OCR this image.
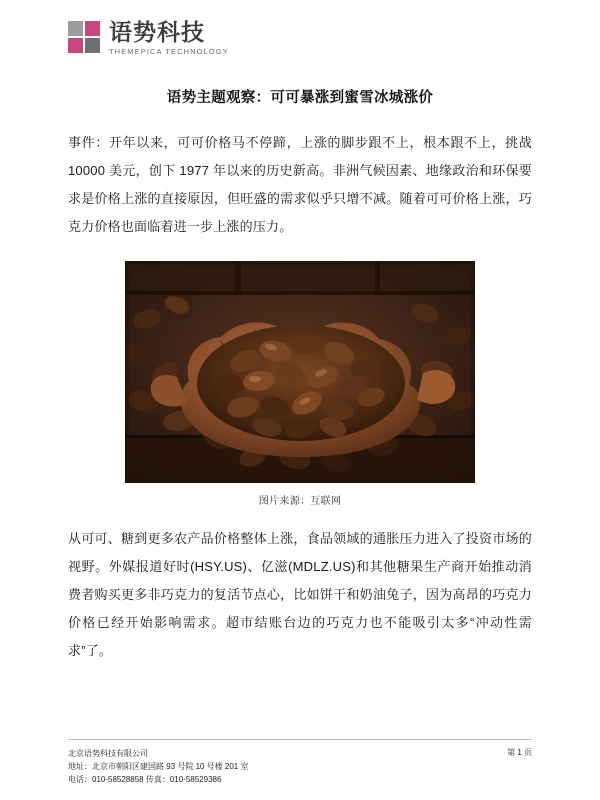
语势科技
THEMEPICA TECHNOLOGY
语势主题观察：可可暴涨到蜜雪冰城涨价
事件：开年以来，可可价格马不停蹄，上涨的脚步跟不上，根本跟不上，挑战 10000 美元，创下 1977 年以来的历史新高。非洲气候因素、地缘政治和环保要求是价格上涨的直接原因，但旺盛的需求似乎只增不减。随着可可价格上涨，巧克力价格也面临着进一步上涨的压力。
图片来源：互联网
从可可、糖到更多农产品价格整体上涨，食品领域的通胀压力进入了投资市场的视野。外媒报道好时(HSY.US)、亿滋(MDLZ.US)和其他糖果生产商开始推动消费者购买更多非巧克力的复活节点心，比如饼干和奶油兔子，因为高昂的巧克力价格已经开始影响需求。超市结账台边的巧克力也不能吸引太多“冲动性需求”了。
北京语势科技有限公司
地址：北京市朝阳区建国路 93 号院 10 号楼 201 室
电话：010-58528858 传真：010-58529386
第 1 页
